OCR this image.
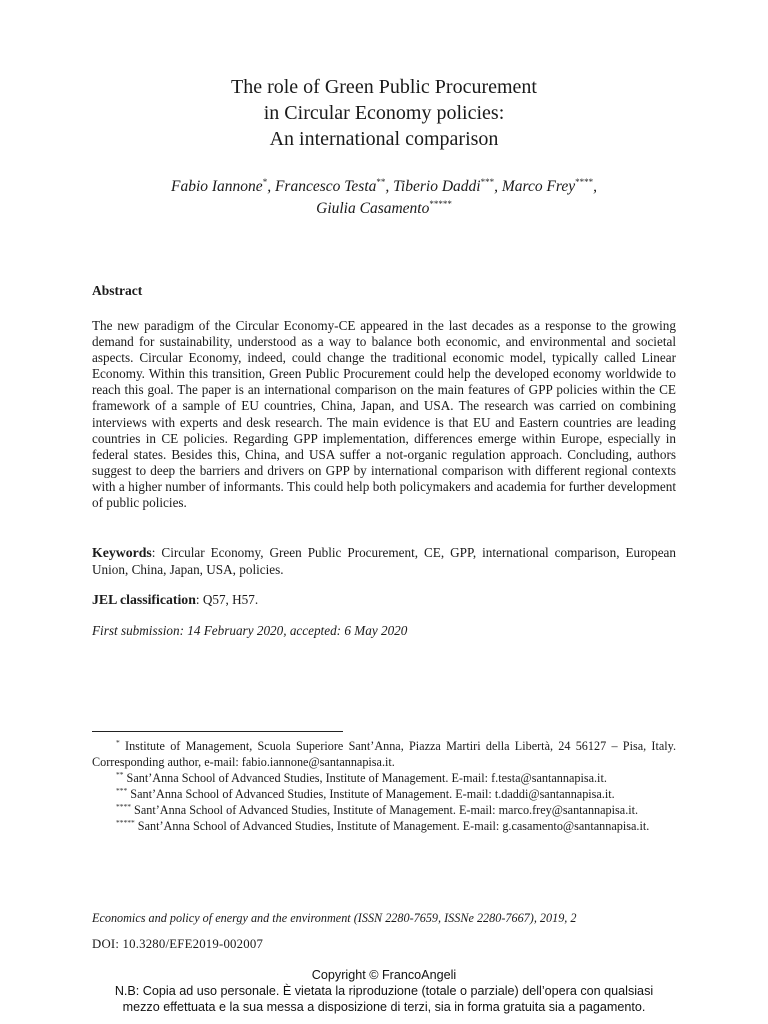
The role of Green Public Procurement
in Circular Economy policies:
An international comparison
Fabio Iannone*, Francesco Testa**, Tiberio Daddi***, Marco Frey****,
Giulia Casamento*****
Abstract
The new paradigm of the Circular Economy-CE appeared in the last decades as a response to the growing demand for sustainability, understood as a way to balance both economic, and environmental and societal aspects. Circular Economy, indeed, could change the traditional economic model, typically called Linear Economy. Within this transition, Green Public Procurement could help the developed economy worldwide to reach this goal. The paper is an international comparison on the main features of GPP policies within the CE framework of a sample of EU countries, China, Japan, and USA. The research was carried on combining interviews with experts and desk research. The main evidence is that EU and Eastern countries are leading countries in CE policies. Regarding GPP implementation, differences emerge within Europe, especially in federal states. Besides this, China, and USA suffer a not-organic regulation approach. Concluding, authors suggest to deep the barriers and drivers on GPP by international comparison with different regional contexts with a higher number of informants. This could help both policymakers and academia for further development of public policies.
Keywords: Circular Economy, Green Public Procurement, CE, GPP, international comparison, European Union, China, Japan, USA, policies.
JEL classification: Q57, H57.
First submission: 14 February 2020, accepted: 6 May 2020
* Institute of Management, Scuola Superiore Sant’Anna, Piazza Martiri della Libertà, 24 56127 – Pisa, Italy. Corresponding author, e-mail: fabio.iannone@santannapisa.it.
** Sant’Anna School of Advanced Studies, Institute of Management. E-mail: f.testa@santannapisa.it.
*** Sant’Anna School of Advanced Studies, Institute of Management. E-mail: t.daddi@santannapisa.it.
**** Sant’Anna School of Advanced Studies, Institute of Management. E-mail: marco.frey@santannapisa.it.
***** Sant’Anna School of Advanced Studies, Institute of Management. E-mail: g.casamento@santannapisa.it.
Economics and policy of energy and the environment (ISSN 2280-7659, ISSNe 2280-7667), 2019, 2
DOI: 10.3280/EFE2019-002007
Copyright © FrancoAngeli
N.B: Copia ad uso personale. È vietata la riproduzione (totale o parziale) dell’opera con qualsiasi
mezzo effettuata e la sua messa a disposizione di terzi, sia in forma gratuita sia a pagamento.
